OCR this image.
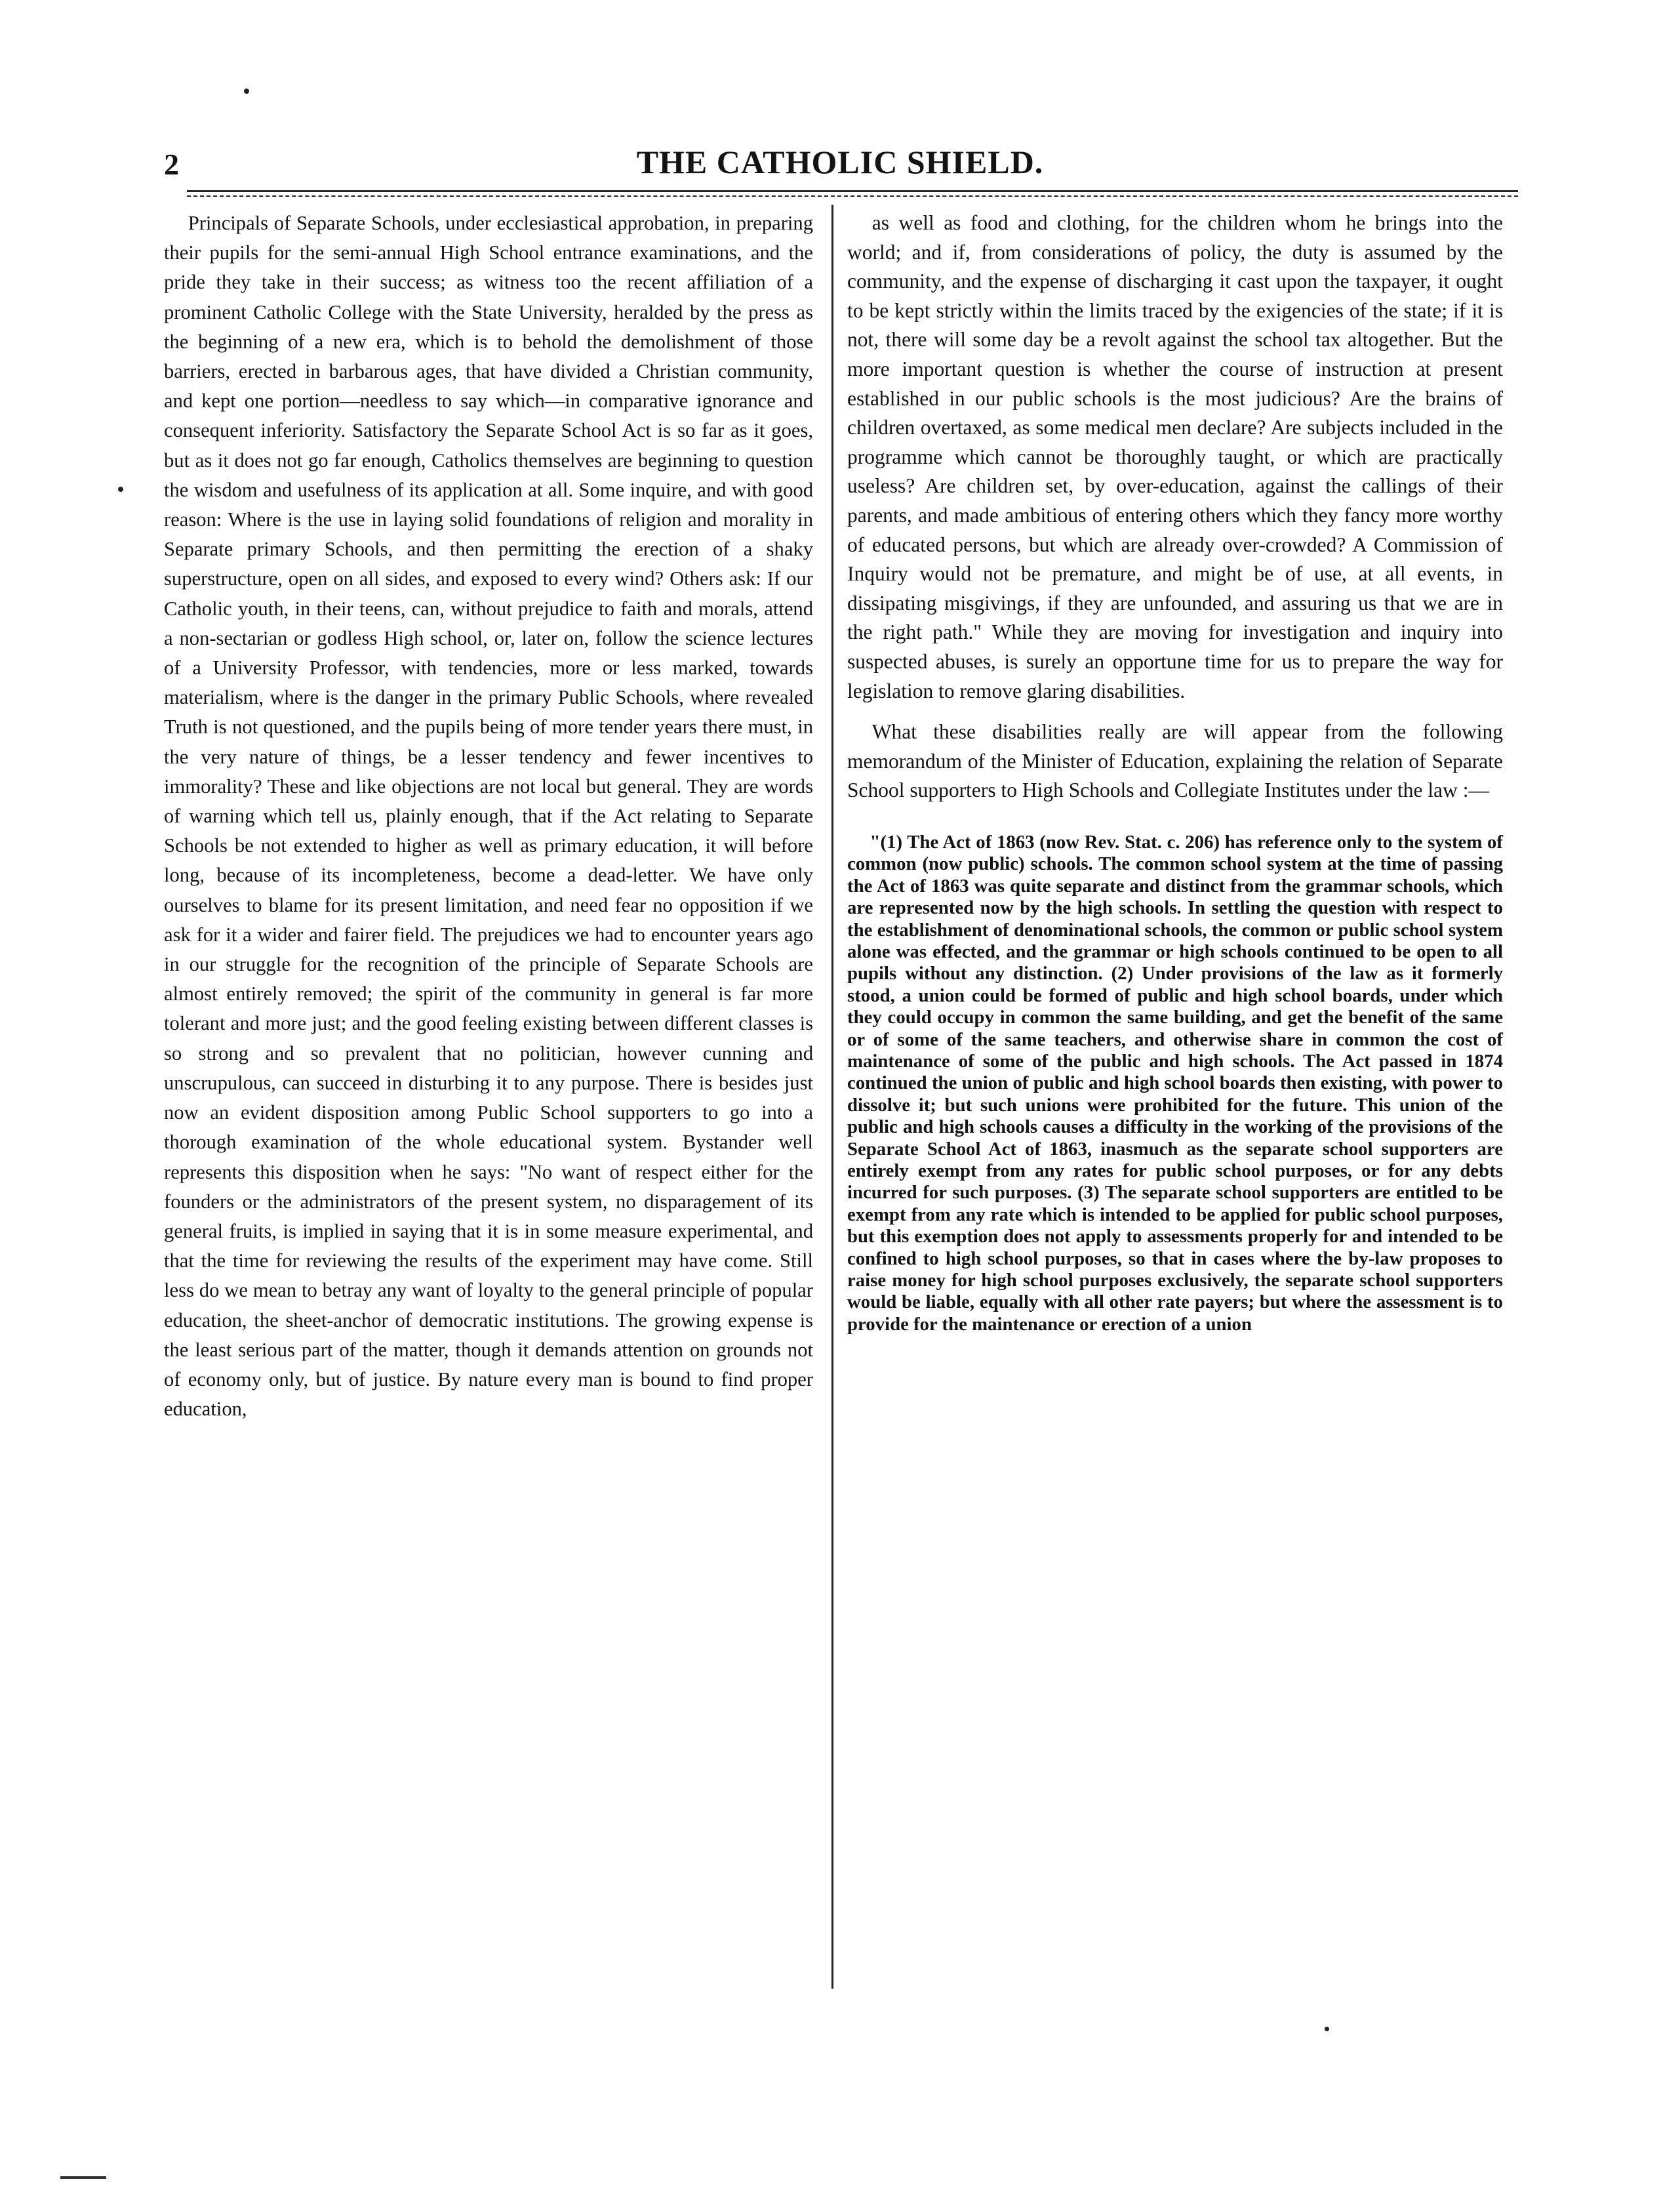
2	THE CATHOLIC SHIELD.

Principals of Separate Schools, under ecclesiastical approbation, in preparing their pupils for the semi-annual High School entrance examinations, and the pride they take in their success; as witness too the recent affiliation of a prominent Catholic College with the State University, heralded by the press as the beginning of a new era, which is to behold the demolishment of those barriers, erected in barbarous ages, that have divided a Christian community, and kept one portion—needless to say which—in comparative ignorance and consequent inferiority. Satisfactory the Separate School Act is so far as it goes, but as it does not go far enough, Catholics themselves are beginning to question the wisdom and usefulness of its application at all. Some inquire, and with good reason: Where is the use in laying solid foundations of religion and morality in Separate primary Schools, and then permitting the erection of a shaky superstructure, open on all sides, and exposed to every wind? Others ask: If our Catholic youth, in their teens, can, without prejudice to faith and morals, attend a non-sectarian or godless High school, or, later on, follow the science lectures of a University Professor, with tendencies, more or less marked, towards materialism, where is the danger in the primary Public Schools, where revealed Truth is not questioned, and the pupils being of more tender years there must, in the very nature of things, be a lesser tendency and fewer incentives to immorality? These and like objections are not local but general. They are words of warning which tell us, plainly enough, that if the Act relating to Separate Schools be not extended to higher as well as primary education, it will before long, because of its incompleteness, become a dead-letter. We have only ourselves to blame for its present limitation, and need fear no opposition if we ask for it a wider and fairer field. The prejudices we had to encounter years ago in our struggle for the recognition of the principle of Separate Schools are almost entirely removed; the spirit of the community in general is far more tolerant and more just; and the good feeling existing between different classes is so strong and so prevalent that no politician, however cunning and unscrupulous, can succeed in disturbing it to any purpose. There is besides just now an evident disposition among Public School supporters to go into a thorough examination of the whole educational system. Bystander well represents this disposition when he says: "No want of respect either for the founders or the administrators of the present system, no disparagement of its general fruits, is implied in saying that it is in some measure experimental, and that the time for reviewing the results of the experiment may have come. Still less do we mean to betray any want of loyalty to the general principle of popular education, the sheet-anchor of democratic institutions. The growing expense is the least serious part of the matter, though it demands attention on grounds not of economy only, but of justice. By nature every man is bound to find proper education,

as well as food and clothing, for the children whom he brings into the world; and if, from considerations of policy, the duty is assumed by the community, and the expense of discharging it cast upon the taxpayer, it ought to be kept strictly within the limits traced by the exigencies of the state; if it is not, there will some day be a revolt against the school tax altogether. But the more important question is whether the course of instruction at present established in our public schools is the most judicious? Are the brains of children overtaxed, as some medical men declare? Are subjects included in the programme which cannot be thoroughly taught, or which are practically useless? Are children set, by over-education, against the callings of their parents, and made ambitious of entering others which they fancy more worthy of educated persons, but which are already over-crowded? A Commission of Inquiry would not be premature, and might be of use, at all events, in dissipating misgivings, if they are unfounded, and assuring us that we are in the right path." While they are moving for investigation and inquiry into suspected abuses, is surely an opportune time for us to prepare the way for legislation to remove glaring disabilities.

What these disabilities really are will appear from the following memorandum of the Minister of Education, explaining the relation of Separate School supporters to High Schools and Collegiate Institutes under the law :—

"(1) The Act of 1863 (now Rev. Stat. c. 206) has reference only to the system of common (now public) schools. The common school system at the time of passing the Act of 1863 was quite separate and distinct from the grammar schools, which are represented now by the high schools. In settling the question with respect to the establishment of denominational schools, the common or public school system alone was effected, and the grammar or high schools continued to be open to all pupils without any distinction. (2) Under provisions of the law as it formerly stood, a union could be formed of public and high school boards, under which they could occupy in common the same building, and get the benefit of the same or of some of the same teachers, and otherwise share in common the cost of maintenance of some of the public and high schools. The Act passed in 1874 continued the union of public and high school boards then existing, with power to dissolve it; but such unions were prohibited for the future. This union of the public and high schools causes a difficulty in the working of the provisions of the Separate School Act of 1863, inasmuch as the separate school supporters are entirely exempt from any rates for public school purposes, or for any debts incurred for such purposes. (3) The separate school supporters are entitled to be exempt from any rate which is intended to be applied for public school purposes, but this exemption does not apply to assessments properly for and intended to be confined to high school purposes, so that in cases where the by-law proposes to raise money for high school purposes exclusively, the separate school supporters would be liable, equally with all other rate payers; but where the assessment is to provide for the maintenance or erection of a union
